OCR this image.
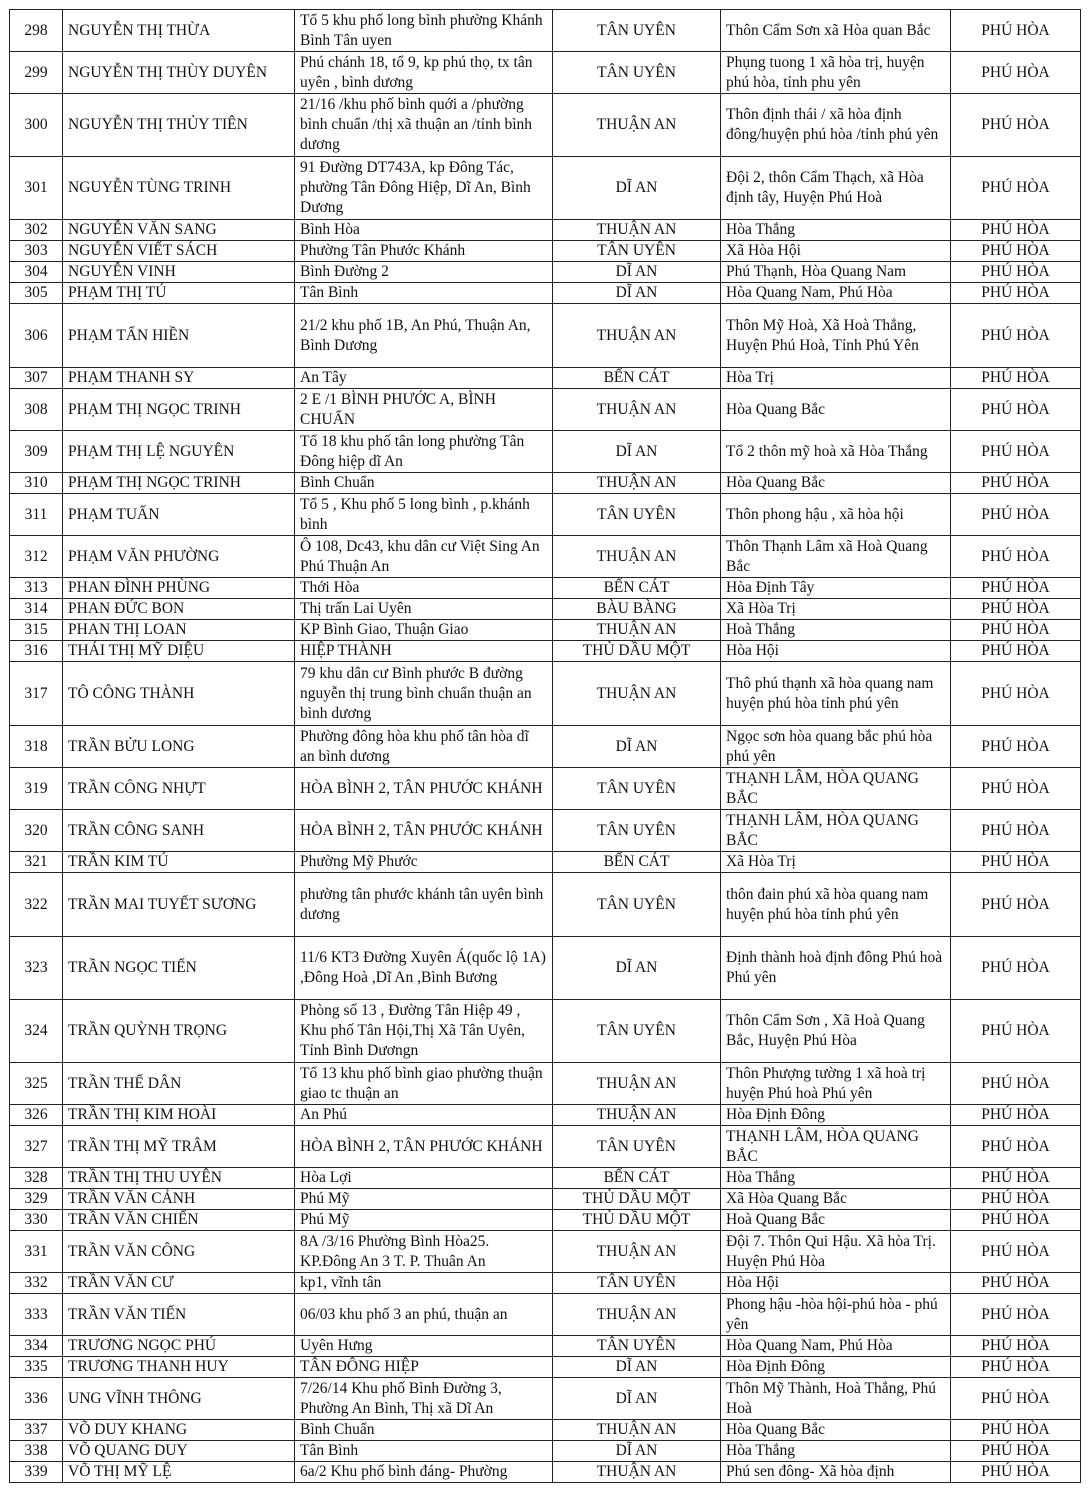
298	NGUYỄN THỊ THỪA	Tổ 5 khu phố long bình phường Khánh Bình Tân uyen	TÂN UYÊN	Thôn Cẩm Sơn xã Hòa quan Bắc	PHÚ HÒA
299	NGUYỄN THỊ THÙY DUYÊN	Phú chánh 18, tổ 9, kp phú thọ, tx tân uyên , bình dương	TÂN UYÊN	Phụng tuong 1 xã hòa trị, huyện phú hòa, tỉnh phu yên	PHÚ HÒA
300	NGUYỄN THỊ THỦY TIÊN	21/16 /khu phố bình quới a /phường bình chuẩn /thị xã thuận an /tỉnh bình dương	THUẬN AN	Thôn định thái / xã hòa định đông/huyện phú hòa /tỉnh phú yên	PHÚ HÒA
301	NGUYỄN TÙNG TRINH	91 Đường DT743A, kp Đông Tác, phường Tân Đông Hiệp, Dĩ An, Bình Dương	DĨ AN	Đội 2, thôn Cẩm Thạch, xã Hòa định tây, Huyện Phú Hoà	PHÚ HÒA
302	NGUYỄN VĂN SANG	Bình Hòa	THUẬN AN	Hòa Thắng	PHÚ HÒA
303	NGUYỄN VIẾT SÁCH	Phường Tân Phước Khánh	TÂN UYÊN	Xã Hòa Hội	PHÚ HÒA
304	NGUYỄN VINH	Bình Đường 2	DĨ AN	Phú Thạnh, Hòa Quang Nam	PHÚ HÒA
305	PHẠM THỊ TÚ	Tân Bình	DĨ AN	Hòa Quang Nam, Phú Hòa	PHÚ HÒA
306	PHẠM TẤN HIỀN	21/2 khu phố 1B, An Phú, Thuận An, Bình Dương	THUẬN AN	Thôn Mỹ Hoà, Xã Hoà Thắng, Huyện Phú Hoà, Tỉnh Phú Yên	PHÚ HÒA
307	PHẠM THANH SY	An Tây	BẾN CÁT	Hòa Trị	PHÚ HÒA
308	PHẠM THỊ NGỌC TRINH	2 E /1 BÌNH PHƯỚC A, BÌNH CHUẨN	THUẬN AN	Hòa Quang Bắc	PHÚ HÒA
309	PHẠM THỊ LỆ NGUYÊN	Tổ 18 khu phố tân long phường Tân Đông hiệp dĩ An	DĨ AN	Tổ 2 thôn mỹ hoà xã Hòa Thắng	PHÚ HÒA
310	PHẠM THỊ NGỌC TRINH	Bình Chuẩn	THUẬN AN	Hòa Quang Bắc	PHÚ HÒA
311	PHẠM TUẤN	Tổ 5 , Khu phố 5 long bình , p.khánh bình	TÂN UYÊN	Thôn phong hậu , xã hòa hội	PHÚ HÒA
312	PHẠM VĂN PHƯỜNG	Ô 108, Dc43, khu dân cư Việt Sing An Phú Thuận An	THUẬN AN	Thôn Thạnh Lâm xã Hoà Quang Bắc	PHÚ HÒA
313	PHAN ĐÌNH PHÙNG	Thới Hòa	BẾN CÁT	Hòa Định Tây	PHÚ HÒA
314	PHAN ĐỨC BON	Thị trấn Lai Uyên	BÀU BÀNG	Xã Hòa Trị	PHÚ HÒA
315	PHAN THỊ LOAN	KP Bình Giao, Thuận Giao	THUẬN AN	Hoà Thắng	PHÚ HÒA
316	THÁI THỊ MỸ DIỆU	HIỆP THÀNH	THỦ DẦU MỘT	Hòa Hội	PHÚ HÒA
317	TÔ CÔNG THÀNH	79 khu dân cư Bình phước B đường nguyễn thị trung bình chuẩn thuận an bình dương	THUẬN AN	Thô phú thạnh xã hòa quang nam huyện phú hòa tỉnh phú yên	PHÚ HÒA
318	TRẦN BỬU LONG	Phường đông hòa khu phố tân hòa dĩ an bình dương	DĨ AN	Ngọc sơn hòa quang bắc phú hòa phú yên	PHÚ HÒA
319	TRẦN CÔNG NHỰT	HÒA BÌNH 2, TÂN PHƯỚC KHÁNH	TÂN UYÊN	THẠNH LÂM, HÒA QUANG BẮC	PHÚ HÒA
320	TRẦN CÔNG SANH	HÒA BÌNH 2, TÂN PHƯỚC KHÁNH	TÂN UYÊN	THẠNH LÂM, HÒA QUANG BẮC	PHÚ HÒA
321	TRẦN KIM TÚ	Phường Mỹ Phước	BẾN CÁT	Xã Hòa Trị	PHÚ HÒA
322	TRẦN MAI TUYẾT SƯƠNG	phường tân phước khánh tân uyên bình dương	TÂN UYÊN	thôn đain phú xã hòa quang nam huyện phú hòa tỉnh phú yên	PHÚ HÒA
323	TRẦN NGỌC TIẾN	11/6 KT3 Đường Xuyên Á(quốc lộ 1A) ,Đông Hoà ,Dĩ An ,Bình Bương	DĨ AN	Định thành hoà định đông Phú hoà Phú yên	PHÚ HÒA
324	TRẦN QUỲNH TRỌNG	Phòng số 13 , Đường Tân Hiệp 49 , Khu phố Tân Hội,Thị Xã Tân Uyên, Tỉnh Bình Dươngn	TÂN UYÊN	Thôn Cẩm Sơn , Xã Hoà Quang Bắc, Huyện Phú Hòa	PHÚ HÒA
325	TRẦN THẾ DÂN	Tổ 13 khu phố bình giao phường thuận giao tc thuận an	THUẬN AN	Thôn Phượng tường 1 xã hoà trị huyện Phú hoà Phú yên	PHÚ HÒA
326	TRẦN THỊ KIM HOÀI	An Phú	THUẬN AN	Hòa Định Đông	PHÚ HÒA
327	TRẦN THỊ MỸ TRÂM	HÒA BÌNH 2, TÂN PHƯỚC KHÁNH	TÂN UYÊN	THẠNH LÂM, HÒA QUANG BẮC	PHÚ HÒA
328	TRẦN THỊ THU UYÊN	Hòa Lợi	BẾN CÁT	Hòa Thắng	PHÚ HÒA
329	TRẦN VĂN CẢNH	Phú Mỹ	THỦ DẦU MỘT	Xã Hòa Quang Bắc	PHÚ HÒA
330	TRẦN VĂN CHIẾN	Phú Mỹ	THỦ DẦU MỘT	Hoà Quang Bắc	PHÚ HÒA
331	TRẦN VĂN CÔNG	8A /3/16 Phường Bình Hòa25. KP.Đông An 3 T. P. Thuân An	THUẬN AN	Đội 7. Thôn Qui Hậu. Xã hòa Trị. Huyện Phú Hòa	PHÚ HÒA
332	TRẦN VĂN CƯ	kp1, vĩnh tân	TÂN UYÊN	Hòa Hội	PHÚ HÒA
333	TRẦN VĂN TIẾN	06/03 khu phố 3 an phú, thuận an	THUẬN AN	Phong hậu -hòa hội-phú hòa - phú yên	PHÚ HÒA
334	TRƯƠNG NGỌC PHÚ	Uyên Hưng	TÂN UYÊN	Hòa Quang Nam, Phú Hòa	PHÚ HÒA
335	TRƯƠNG THANH HUY	TÂN ĐÔNG HIỆP	DĨ AN	Hòa Định Đông	PHÚ HÒA
336	UNG VĨNH THÔNG	7/26/14 Khu phố Bình Đường 3, Phường An Bình, Thị xã Dĩ An	DĨ AN	Thôn Mỹ Thành, Hoà Thắng, Phú Hoà	PHÚ HÒA
337	VÕ DUY KHANG	Bình Chuẩn	THUẬN AN	Hòa Quang Bắc	PHÚ HÒA
338	VÕ QUANG DUY	Tân Bình	DĨ AN	Hòa Thắng	PHÚ HÒA
339	VÕ THỊ MỸ LỆ	6a/2 Khu phố bình đáng- Phường	THUẬN AN	Phú sen đông- Xã hòa định	PHÚ HÒA
